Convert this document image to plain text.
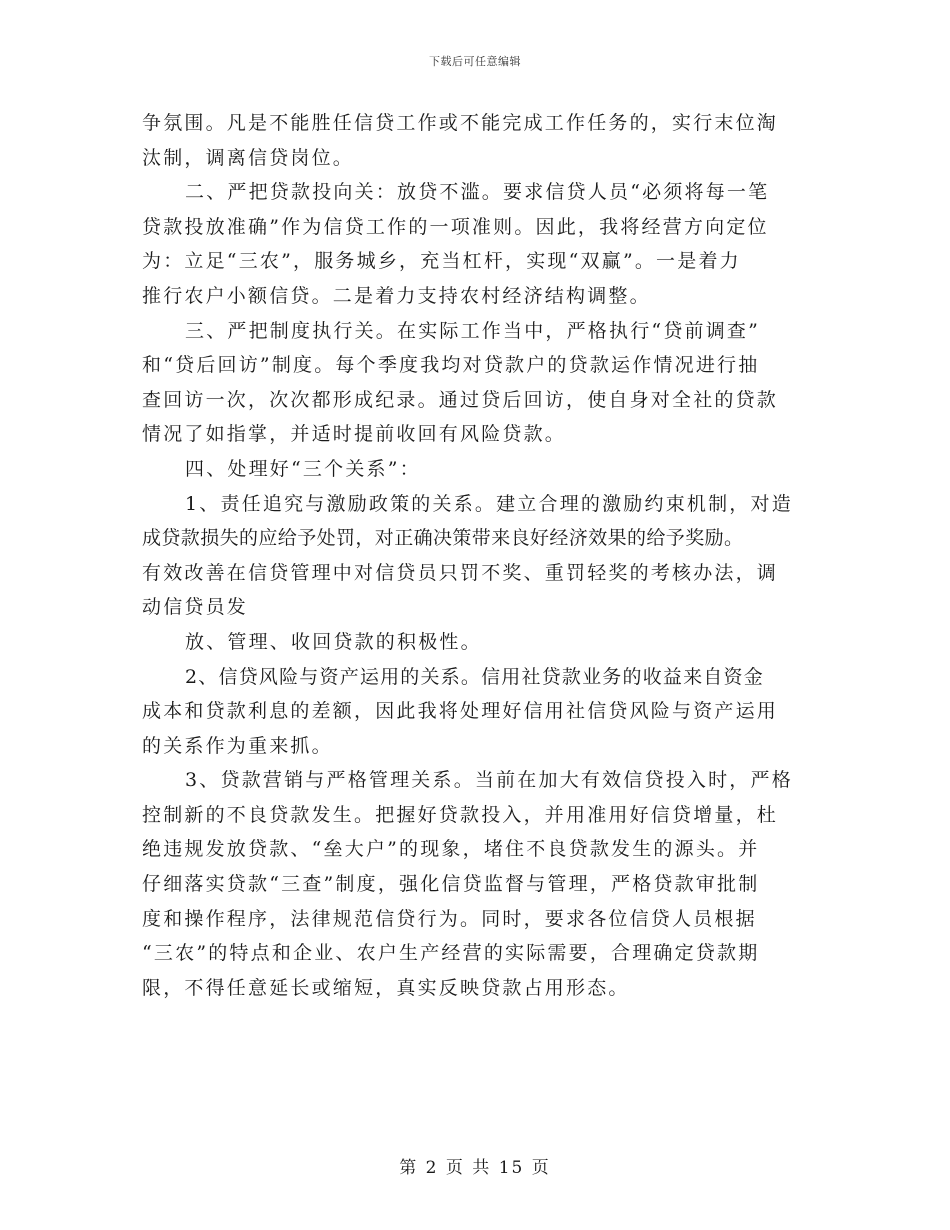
下载后可任意编辑
争氛围。凡是不能胜任信贷工作或不能完成工作任务的，实行末位淘
汰制，调离信贷岗位。
二、严把贷款投向关：放贷不滥。要求信贷人员“必须将每一笔
贷款投放准确”作为信贷工作的一项准则。因此，我将经营方向定位
为：立足“三农”，服务城乡，充当杠杆，实现“双赢”。一是着力
推行农户小额信贷。二是着力支持农村经济结构调整。
三、严把制度执行关。在实际工作当中，严格执行“贷前调查”
和“贷后回访”制度。每个季度我均对贷款户的贷款运作情况进行抽
查回访一次，次次都形成纪录。通过贷后回访，使自身对全社的贷款
情况了如指掌，并适时提前收回有风险贷款。
四、处理好“三个关系”：
1、责任追究与激励政策的关系。建立合理的激励约束机制，对造
成贷款损失的应给予处罚，对正确决策带来良好经济效果的给予奖励。
有效改善在信贷管理中对信贷员只罚不奖、重罚轻奖的考核办法，调
动信贷员发
放、管理、收回贷款的积极性。
2、信贷风险与资产运用的关系。信用社贷款业务的收益来自资金
成本和贷款利息的差额，因此我将处理好信用社信贷风险与资产运用
的关系作为重来抓。
3、贷款营销与严格管理关系。当前在加大有效信贷投入时，严格
控制新的不良贷款发生。把握好贷款投入，并用准用好信贷增量，杜
绝违规发放贷款、“垒大户”的现象，堵住不良贷款发生的源头。并
仔细落实贷款“三查”制度，强化信贷监督与管理，严格贷款审批制
度和操作程序，法律规范信贷行为。同时，要求各位信贷人员根据
“三农”的特点和企业、农户生产经营的实际需要，合理确定贷款期
限，不得任意延长或缩短，真实反映贷款占用形态。
第 2 页 共 15 页
